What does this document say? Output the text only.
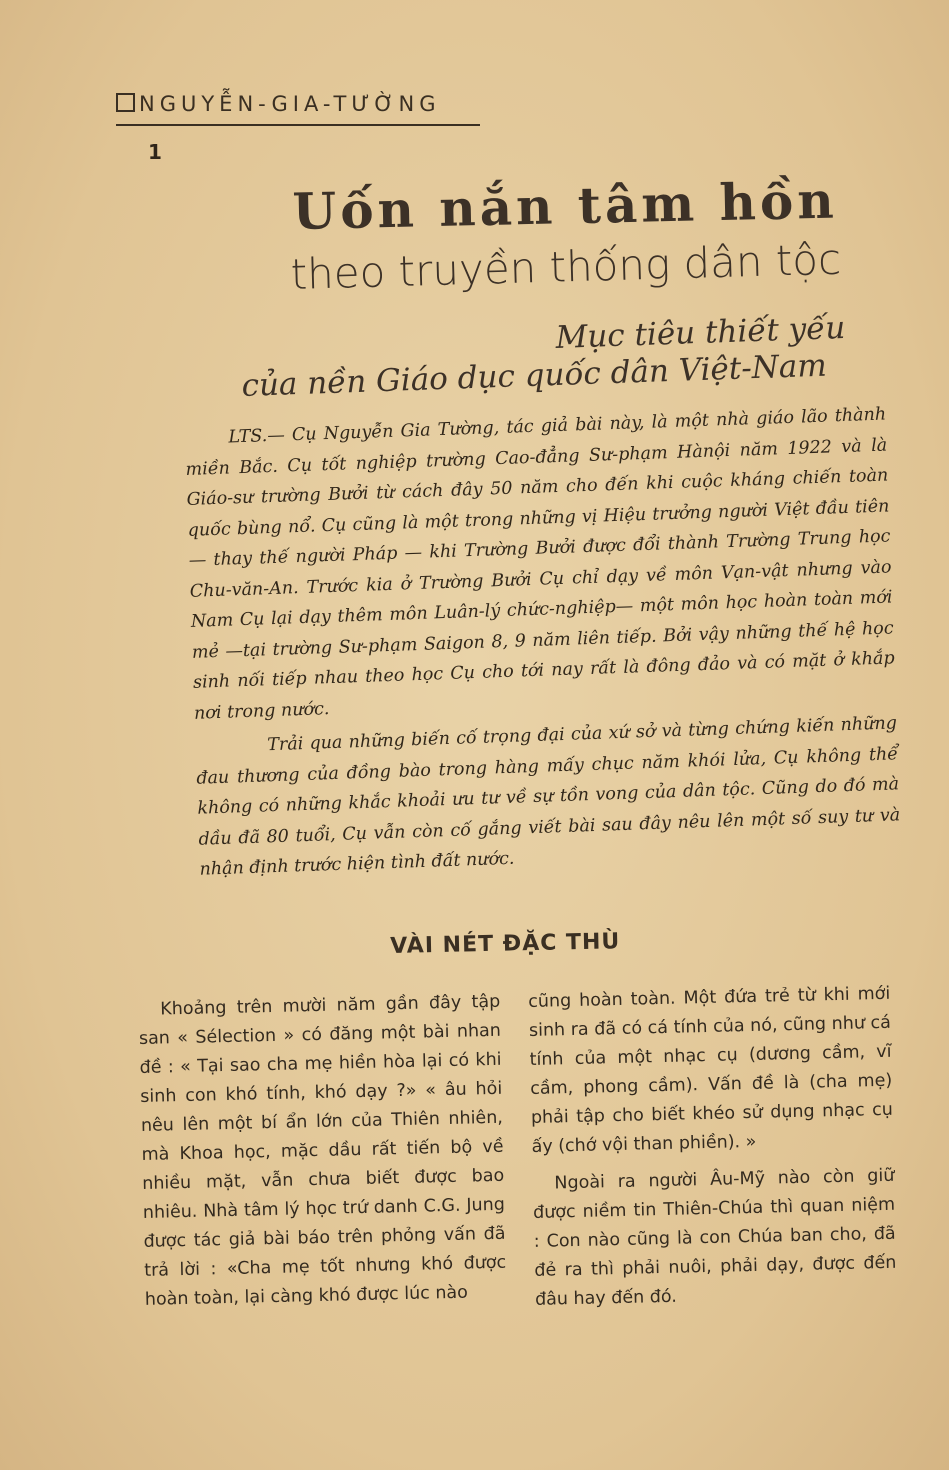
NGUYỄN-GIA-TƯỜNG
1
Uốn nắn tâm hồn
theo truyền thống dân tộc
Mục tiêu thiết yếu
của nền Giáo dục quốc dân Việt-Nam

LTS.— Cụ Nguyễn Gia Tường, tác giả bài này, là một nhà giáo lão thành miền Bắc. Cụ tốt nghiệp trường Cao-đẳng Sư-phạm Hànội năm 1922 và là Giáo-sư trường Bưởi từ cách đây 50 năm cho đến khi cuộc kháng chiến toàn quốc bùng nổ. Cụ cũng là một trong những vị Hiệu trưởng người Việt đầu tiên — thay thế người Pháp — khi Trường Bưởi được đổi thành Trường Trung học Chu-văn-An. Trước kia ở Trường Bưởi Cụ chỉ dạy về môn Vạn-vật nhưng vào Nam Cụ lại dạy thêm môn Luân-lý chức-nghiệp— một môn học hoàn toàn mới mẻ —tại trường Sư-phạm Saigon 8, 9 năm liên tiếp. Bởi vậy những thế hệ học sinh nối tiếp nhau theo học Cụ cho tới nay rất là đông đảo và có mặt ở khắp nơi trong nước.

Trải qua những biến cố trọng đại của xứ sở và từng chứng kiến những đau thương của đồng bào trong hàng mấy chục năm khói lửa, Cụ không thể không có những khắc khoải ưu tư về sự tồn vong của dân tộc. Cũng do đó mà dầu đã 80 tuổi, Cụ vẫn còn cố gắng viết bài sau đây nêu lên một số suy tư và nhận định trước hiện tình đất nước.

VÀI NÉT ĐẶC THÙ

Khoảng trên mười năm gần đây tập san « Sélection » có đăng một bài nhan đề : « Tại sao cha mẹ hiền hòa lại có khi sinh con khó tính, khó dạy ?» « âu hỏi nêu lên một bí ẩn lớn của Thiên nhiên, mà Khoa học, mặc dầu rất tiến bộ về nhiều mặt, vẫn chưa biết được bao nhiêu. Nhà tâm lý học trứ danh C.G. Jung được tác giả bài báo trên phỏng vấn đã trả lời : «Cha mẹ tốt nhưng khó được hoàn toàn, lại càng khó được lúc nào

cũng hoàn toàn. Một đứa trẻ từ khi mới sinh ra đã có cá tính của nó, cũng như cá tính của một nhạc cụ (dương cầm, vĩ cầm, phong cầm). Vấn đề là (cha mẹ) phải tập cho biết khéo sử dụng nhạc cụ ấy (chớ vội than phiền). »

Ngoài ra người Âu-Mỹ nào còn giữ được niềm tin Thiên-Chúa thì quan niệm : Con nào cũng là con Chúa ban cho, đã đẻ ra thì phải nuôi, phải dạy, được đến đâu hay đến đó.
